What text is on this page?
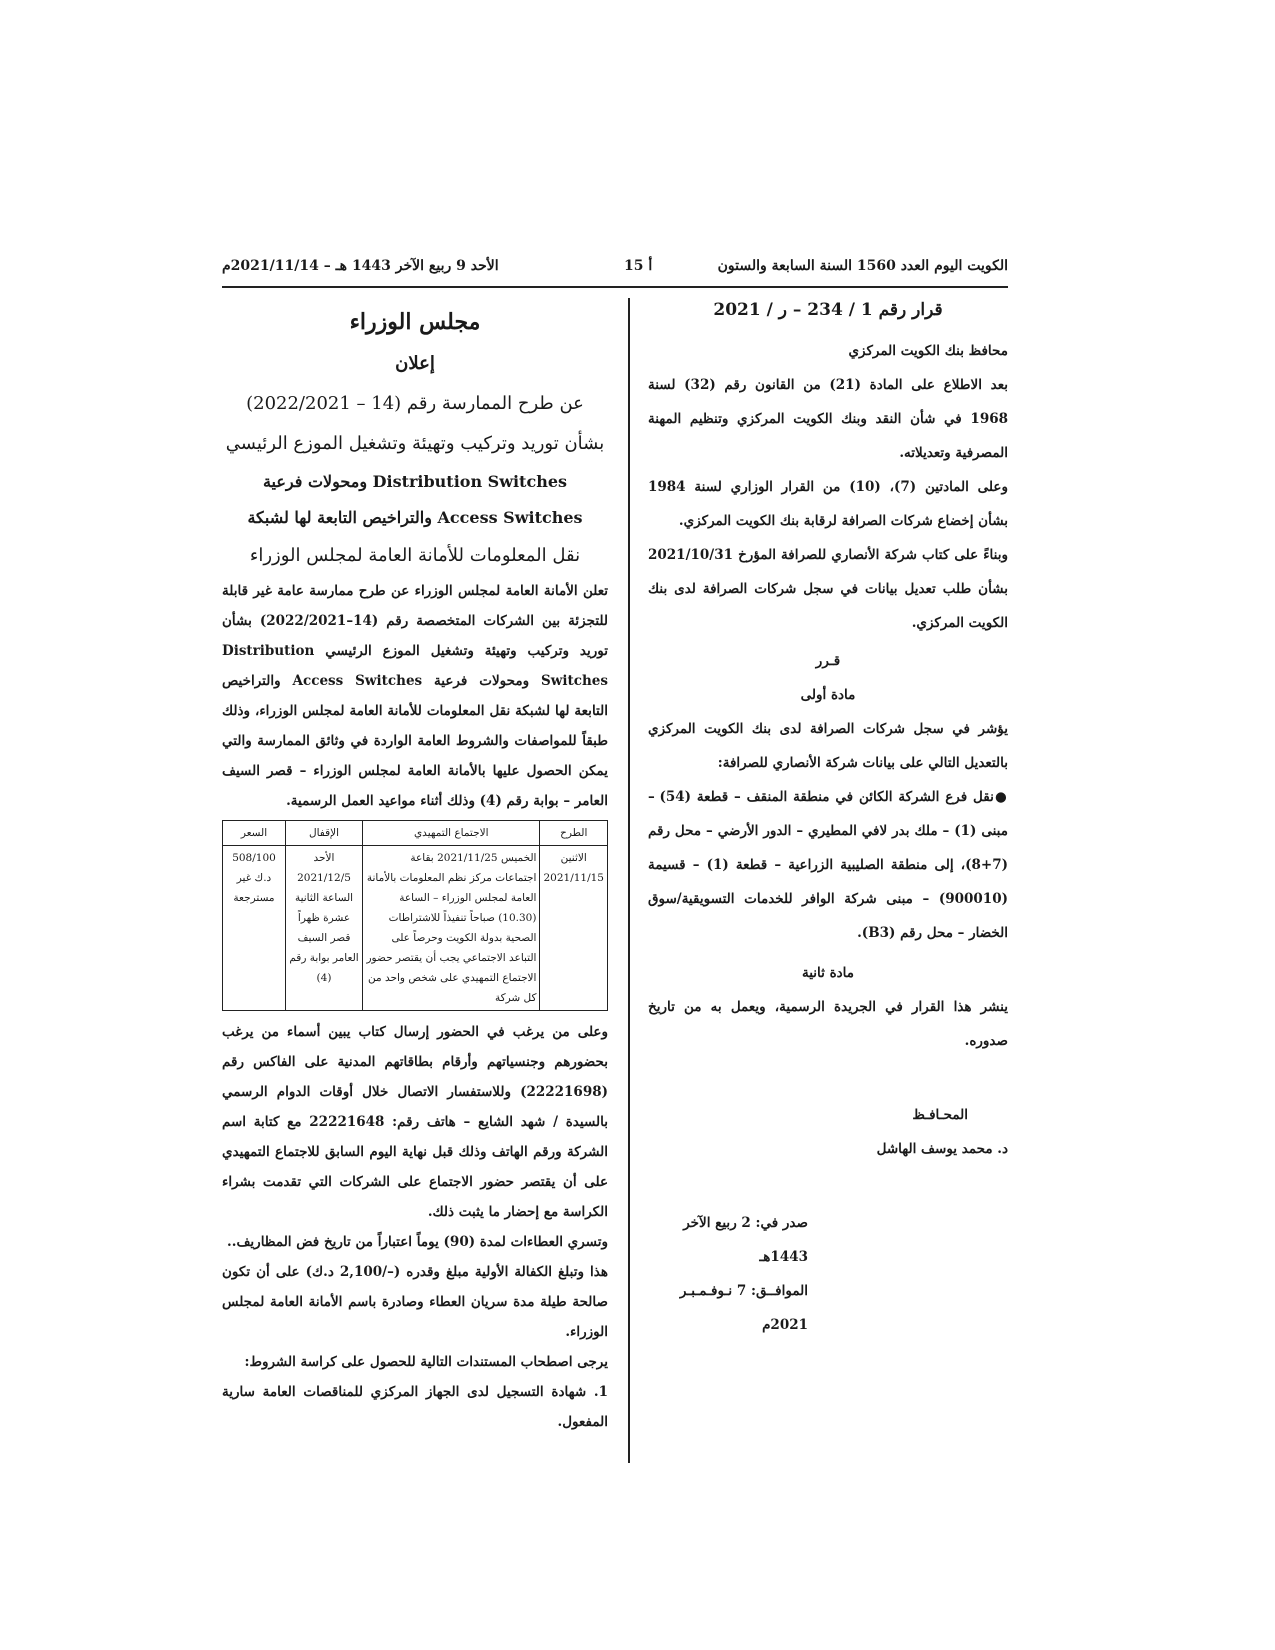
الكويت اليوم العدد 1560 السنة السابعة والستون
أ 15
الأحد 9 ربيع الآخر 1443 هـ – 2021/11/14م

قرار رقم 1 / 234 – ر / 2021

محافظ بنك الكويت المركزي

بعد الاطلاع على المادة (21) من القانون رقم (32) لسنة 1968 في شأن النقد وبنك الكويت المركزي وتنظيم المهنة المصرفية وتعديلاته.

وعلى المادتين (7)، (10) من القرار الوزاري لسنة 1984 بشأن إخضاع شركات الصرافة لرقابة بنك الكويت المركزي.

وبناءً على كتاب شركة الأنصاري للصرافة المؤرخ 2021/10/31 بشأن طلب تعديل بيانات في سجل شركات الصرافة لدى بنك الكويت المركزي.

قـرر

مادة أولى

يؤشر في سجل شركات الصرافة لدى بنك الكويت المركزي بالتعديل التالي على بيانات شركة الأنصاري للصرافة:

●نقل فرع الشركة الكائن في منطقة المنقف – قطعة (54) – مبنى (1) – ملك بدر لافي المطيري – الدور الأرضي – محل رقم (7+8)، إلى منطقة الصليبية الزراعية – قطعة (1) – قسيمة (900010) – مبنى شركة الوافر للخدمات التسويقية/سوق الخضار – محل رقم (B3).

مادة ثانية

ينشر هذا القرار في الجريدة الرسمية، ويعمل به من تاريخ صدوره.

المحـافـظ

د. محمد يوسف الهاشل

صدر في: 2 ربيع الآخر 1443هـ

الموافــق: 7 نـوفـمـبـر 2021م

مجلس الوزراء

إعلان

عن طرح الممارسة رقم (14 – 2022/2021)

بشأن توريد وتركيب وتهيئة وتشغيل الموزع الرئيسي

Distribution Switches ومحولات فرعية

Access Switches والتراخيص التابعة لها لشبكة

نقل المعلومات للأمانة العامة لمجلس الوزراء

تعلن الأمانة العامة لمجلس الوزراء عن طرح ممارسة عامة غير قابلة للتجزئة بين الشركات المتخصصة رقم (14–2022/2021) بشأن توريد وتركيب وتهيئة وتشغيل الموزع الرئيسي Distribution Switches ومحولات فرعية Access Switches والتراخيص التابعة لها لشبكة نقل المعلومات للأمانة العامة لمجلس الوزراء، وذلك طبقاً للمواصفات والشروط العامة الواردة في وثائق الممارسة والتي يمكن الحصول عليها بالأمانة العامة لمجلس الوزراء – قصر السيف العامر – بوابة رقم (4) وذلك أثناء مواعيد العمل الرسمية.

الطرح	الاجتماع التمهيدي	الإقفال	السعر
الاثنين 2021/11/15	الخميس 2021/11/25 بقاعة اجتماعات مركز نظم المعلومات بالأمانة العامة لمجلس الوزراء – الساعة (10.30) صباحاً تنفيذاً للاشتراطات الصحية بدولة الكويت وحرصاً على التباعد الاجتماعي يجب أن يقتصر حضور الاجتماع التمهيدي على شخص واحد من كل شركة	الأحد 2021/12/5 الساعة الثانية عشرة ظهراً قصر السيف العامر بوابة رقم (4)	508/100 د.ك غير مسترجعة

وعلى من يرغب في الحضور إرسال كتاب يبين أسماء من يرغب بحضورهم وجنسياتهم وأرقام بطاقاتهم المدنية على الفاكس رقم (22221698) وللاستفسار الاتصال خلال أوقات الدوام الرسمي بالسيدة / شهد الشايع – هاتف رقم: 22221648 مع كتابة اسم الشركة ورقم الهاتف وذلك قبل نهاية اليوم السابق للاجتماع التمهيدي على أن يقتصر حضور الاجتماع على الشركات التي تقدمت بشراء الكراسة مع إحضار ما يثبت ذلك.

وتسري العطاءات لمدة (90) يوماً اعتباراً من تاريخ فض المظاريف..

هذا وتبلغ الكفالة الأولية مبلغ وقدره (–/2,100 د.ك) على أن تكون صالحة طيلة مدة سريان العطاء وصادرة باسم الأمانة العامة لمجلس الوزراء.

يرجى اصطحاب المستندات التالية للحصول على كراسة الشروط:

1. شهادة التسجيل لدى الجهاز المركزي للمناقصات العامة سارية المفعول.
